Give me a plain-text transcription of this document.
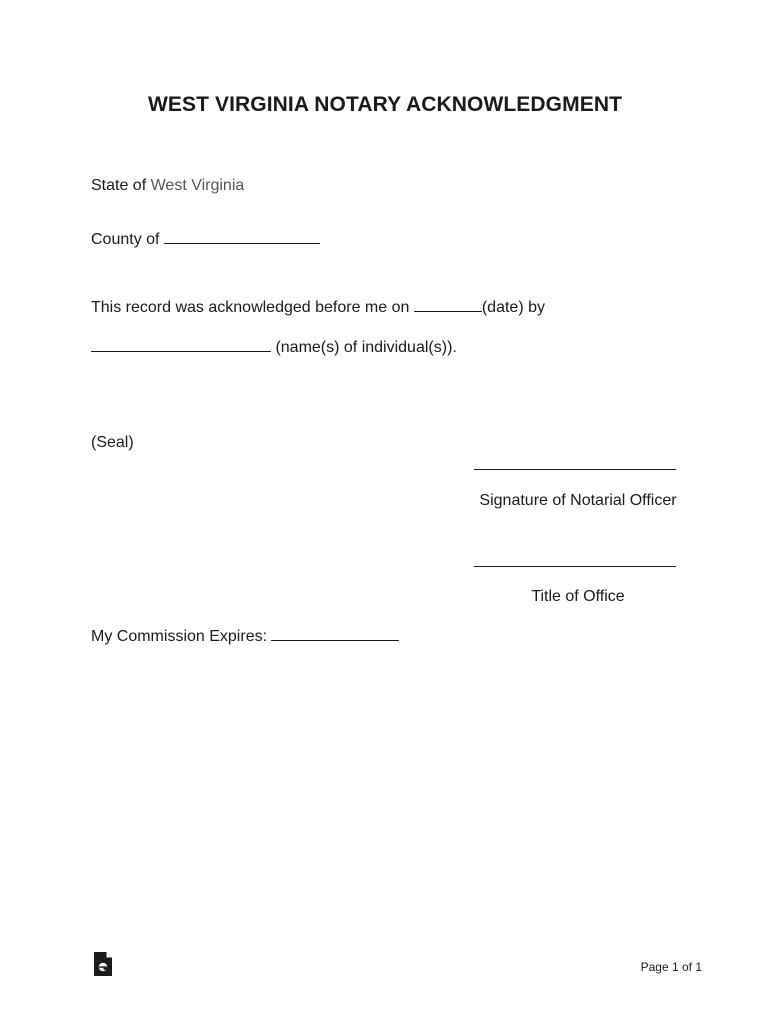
WEST VIRGINIA NOTARY ACKNOWLEDGMENT
State of West Virginia
County of
This record was acknowledged before me on	(date) by
(name(s) of individual(s)).
(Seal)
Signature of Notarial Officer
Title of Office
My Commission Expires:
Page 1 of 1
